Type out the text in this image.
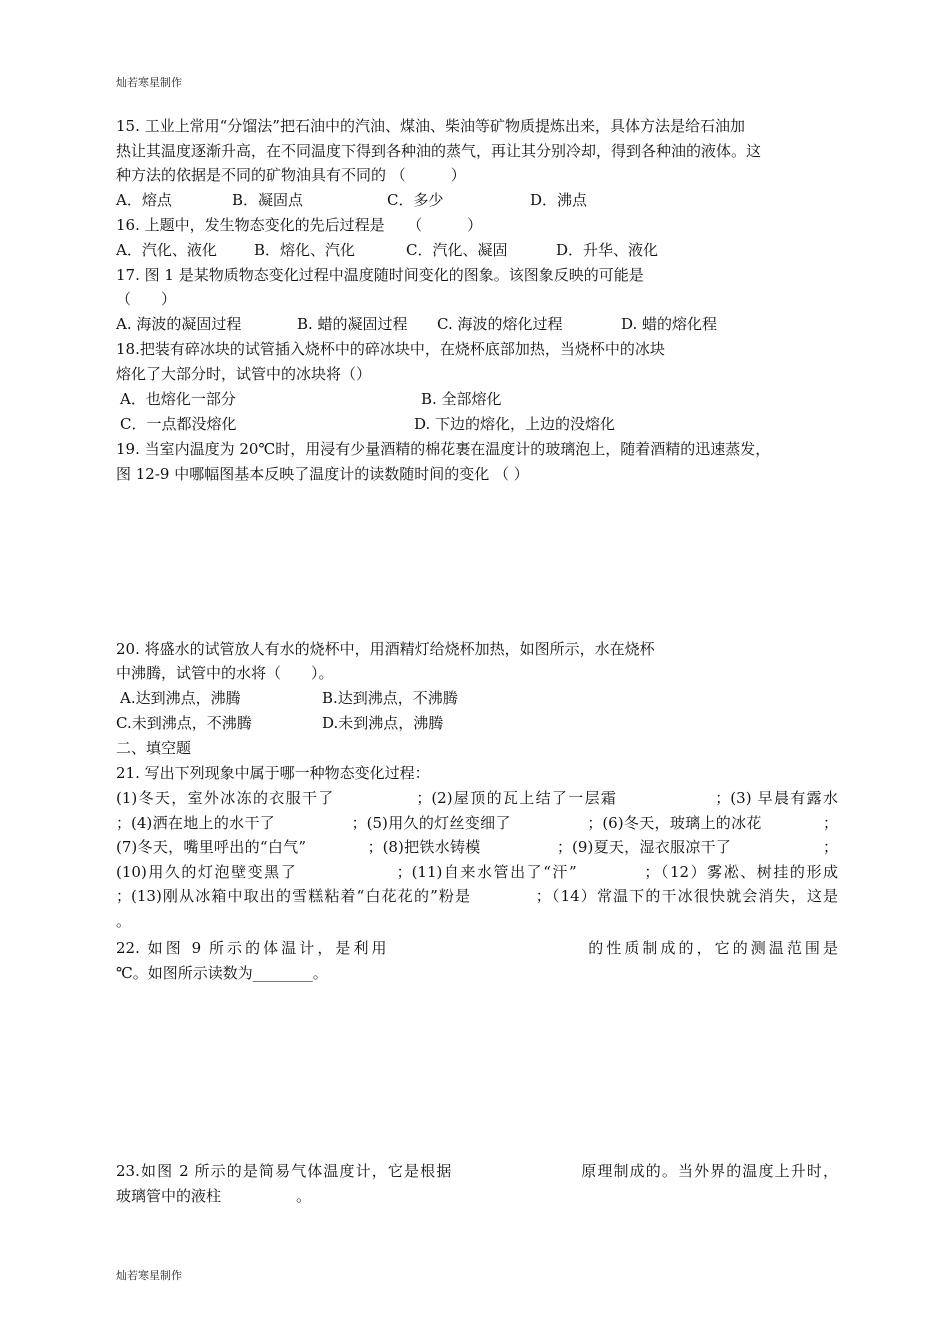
灿若寒星制作
15. 工业上常用“分馏法”把石油中的汽油、煤油、柴油等矿物质提炼出来，具体方法是给石油加
热让其温度逐渐升高，在不同温度下得到各种油的蒸气，再让其分别冷却，得到各种油的液体。这
种方法的依据是不同的矿物油具有不同的 （　　　）
A．熔点	B．凝固点	C．多少	D．沸点
16. 上题中，发生物态变化的先后过程是　　（　　　）
A．汽化、液化 B．熔化、汽化	C．汽化、凝固	D．升华、液化
17. 图 1 是某物质物态变化过程中温度随时间变化的图象。该图象反映的可能是
（　　）
A. 海波的凝固过程	B. 蜡的凝固过程 C. 海波的熔化过程	D. 蜡的熔化程
18.把装有碎冰块的试管插入烧杯中的碎冰块中，在烧杯底部加热，当烧杯中的冰块
熔化了大部分时，试管中的冰块将（）
A．也熔化一部分	B. 全部熔化
C．一点都没熔化	D. 下边的熔化，上边的没熔化
19. 当室内温度为 20℃时，用浸有少量酒精的棉花裹在温度计的玻璃泡上，随着酒精的迅速蒸发，
图 12-9 中哪幅图基本反映了温度计的读数随时间的变化 （ ）
20. 将盛水的试管放人有水的烧杯中，用酒精灯给烧杯加热，如图所示，水在烧杯
中沸腾，试管中的水将（　　）。
A.达到沸点，沸腾	B.达到沸点，不沸腾
C.未到沸点，不沸腾	D.未到沸点，沸腾
二、填空题
21. 写出下列现象中属于哪一种物态变化过程：
(1)冬天，室外冰冻的衣服干了　　　　　；(2)屋顶的瓦上结了一层霜　　　　　　；(3) 早晨有露水　　　；(4)洒在地上的水干了　　　　　；(5)用久的灯丝变细了　　　　　；(6)冬天，玻璃上的冰花　　　　；(7)冬天，嘴里呼出的“白气”　　　　；(8)把铁水铸模　　　　　；(9)夏天，湿衣服凉干了　　　　　　；(10)用久的灯泡壁变黑了　　　　　　；(11)自来水管出了“汗”　　　　；（12）雾凇、树挂的形成　　　　　　；(13)刚从冰箱中取出的雪糕粘着“白花花的”粉是　　　　；（14）常温下的干冰很快就会消失，这是　　　　。
22. 如图 9 所示的体温计，是利用　　　　　　　　　　　的性质制成的，它的测温范围是
℃。如图所示读数为________。
23.如图 2 所示的是简易气体温度计，它是根据　　　　　　　　原理制成的。当外界的温度上升时，
玻璃管中的液柱　　　　　。
灿若寒星制作
